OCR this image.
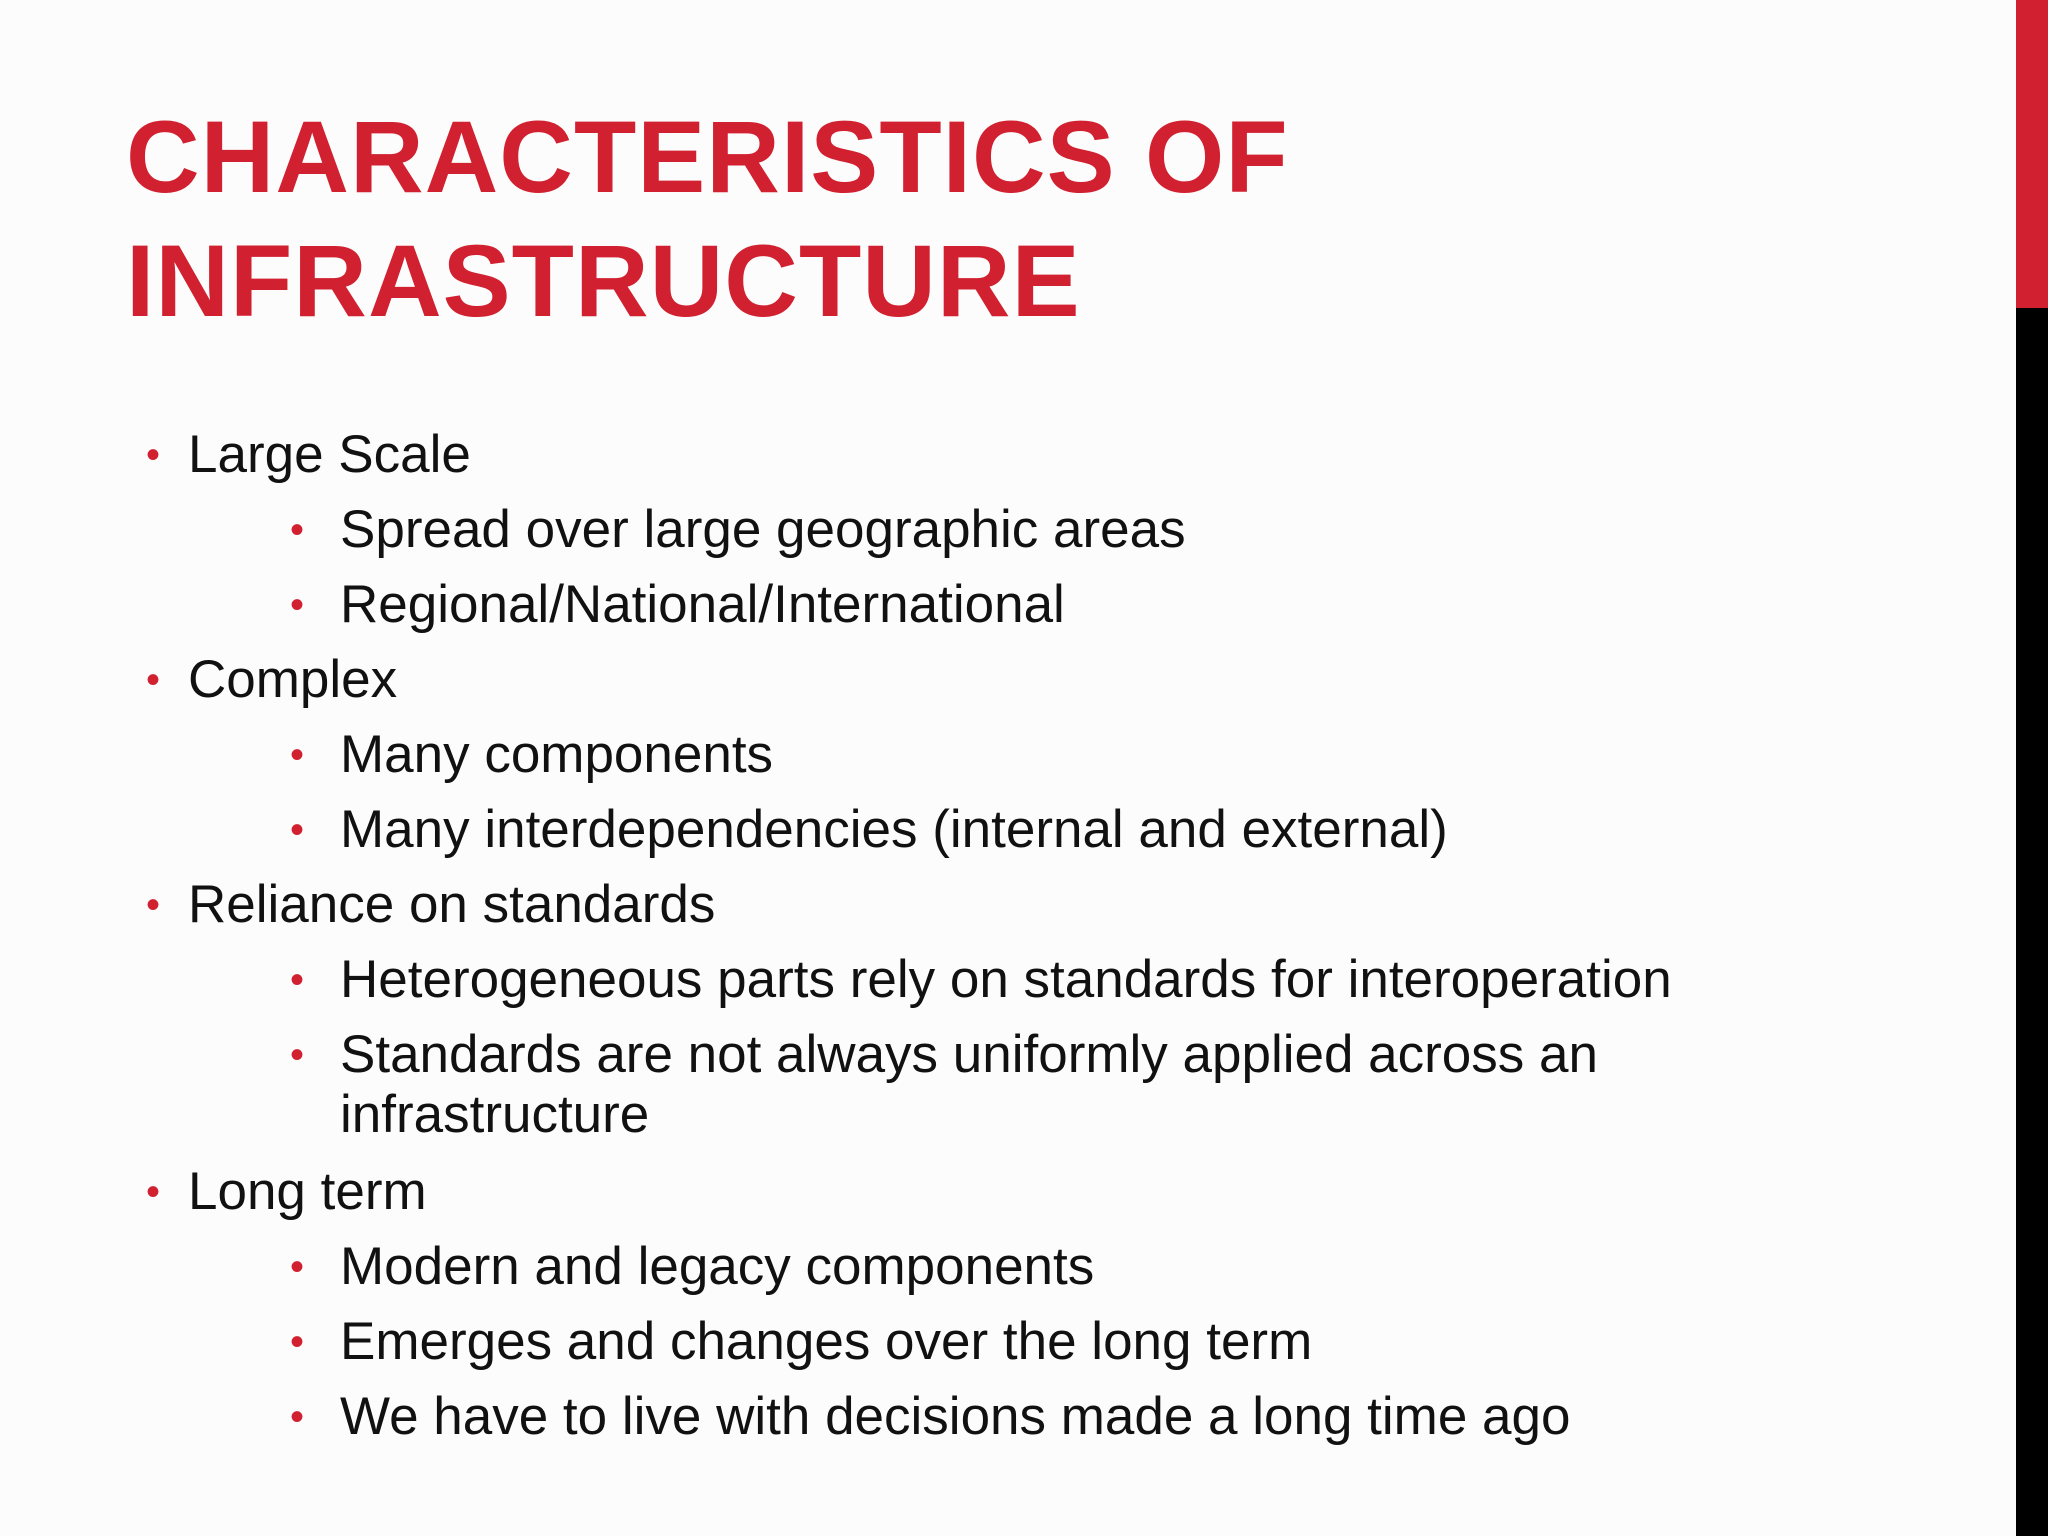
CHARACTERISTICS OF INFRASTRUCTURE
• Large Scale
• Spread over large geographic areas
• Regional/National/International
• Complex
• Many components
• Many interdependencies (internal and external)
• Reliance on standards
• Heterogeneous parts rely on standards for interoperation
• Standards are not always uniformly applied across an infrastructure
• Long term
• Modern and legacy components
• Emerges and changes over the long term
• We have to live with decisions made a long time ago
